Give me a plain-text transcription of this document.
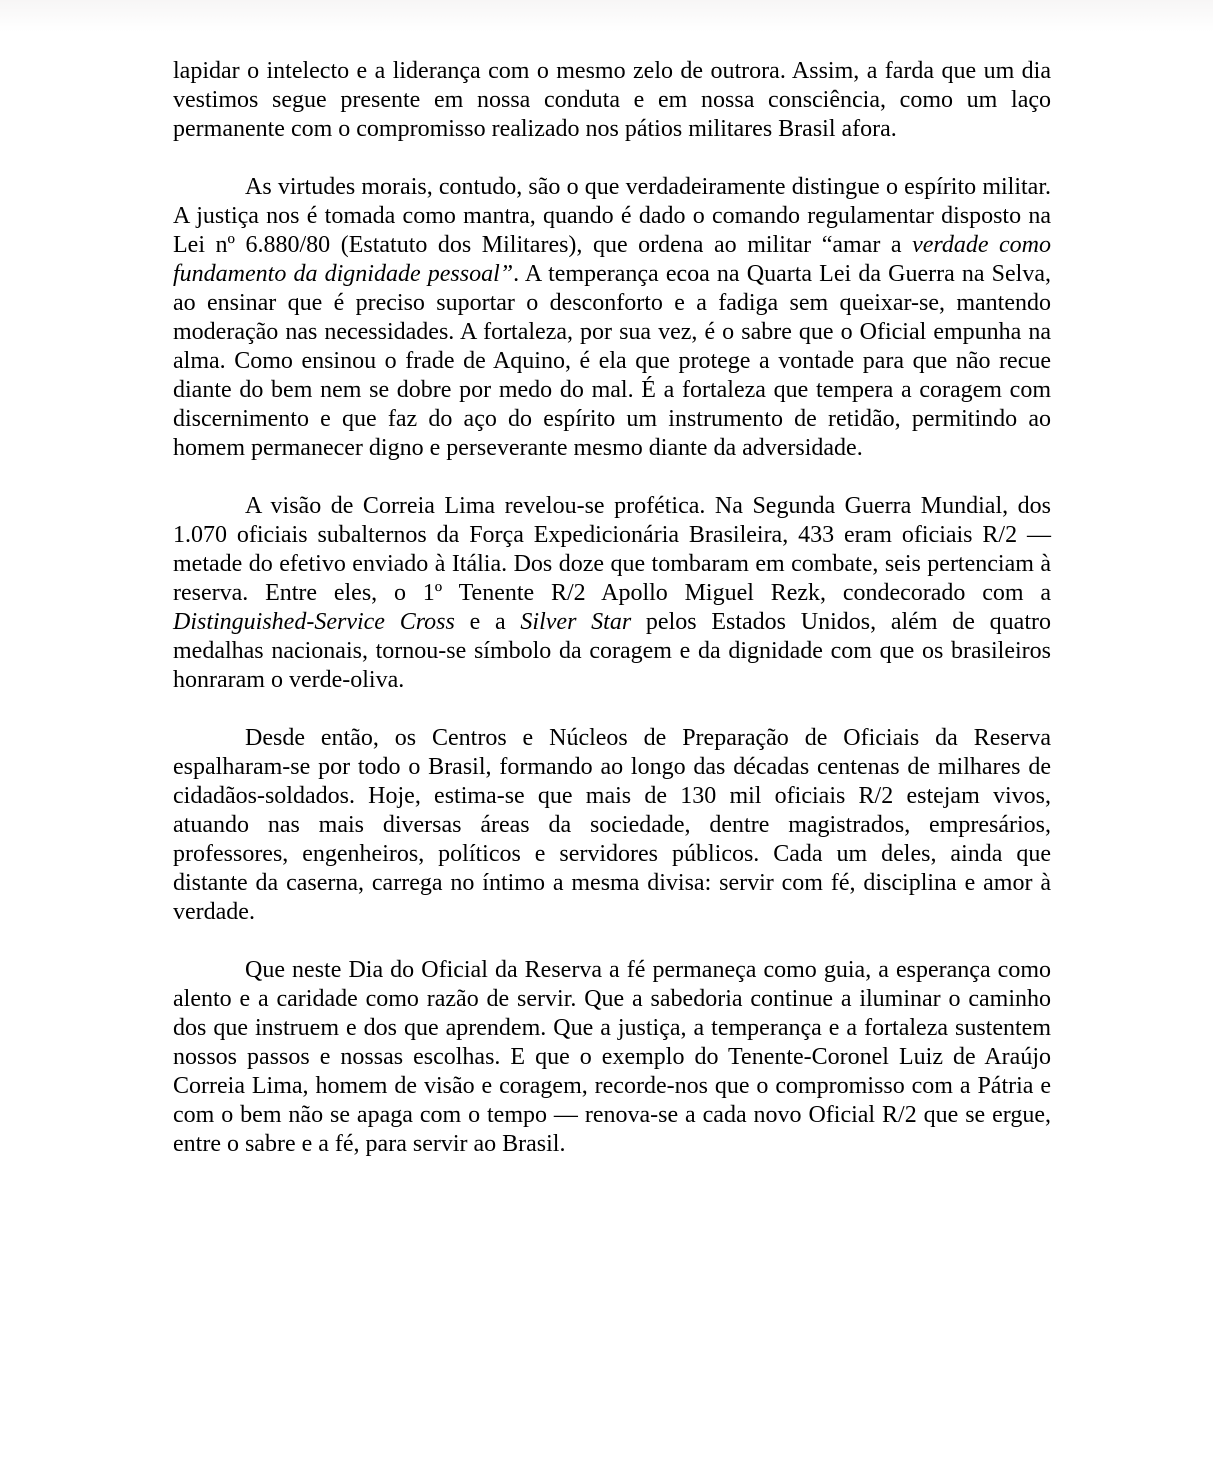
lapidar o intelecto e a liderança com o mesmo zelo de outrora. Assim, a farda que um dia vestimos segue presente em nossa conduta e em nossa consciência, como um laço permanente com o compromisso realizado nos pátios militares Brasil afora.

As virtudes morais, contudo, são o que verdadeiramente distingue o espírito militar. A justiça nos é tomada como mantra, quando é dado o comando regulamentar disposto na Lei nº 6.880/80 (Estatuto dos Militares), que ordena ao militar “amar a verdade como fundamento da dignidade pessoal”. A temperança ecoa na Quarta Lei da Guerra na Selva, ao ensinar que é preciso suportar o desconforto e a fadiga sem queixar-se, mantendo moderação nas necessidades. A fortaleza, por sua vez, é o sabre que o Oficial empunha na alma. Como ensinou o frade de Aquino, é ela que protege a vontade para que não recue diante do bem nem se dobre por medo do mal. É a fortaleza que tempera a coragem com discernimento e que faz do aço do espírito um instrumento de retidão, permitindo ao homem permanecer digno e perseverante mesmo diante da adversidade.

A visão de Correia Lima revelou-se profética. Na Segunda Guerra Mundial, dos 1.070 oficiais subalternos da Força Expedicionária Brasileira, 433 eram oficiais R/2 — metade do efetivo enviado à Itália. Dos doze que tombaram em combate, seis pertenciam à reserva. Entre eles, o 1º Tenente R/2 Apollo Miguel Rezk, condecorado com a Distinguished-Service Cross e a Silver Star pelos Estados Unidos, além de quatro medalhas nacionais, tornou-se símbolo da coragem e da dignidade com que os brasileiros honraram o verde-oliva.

Desde então, os Centros e Núcleos de Preparação de Oficiais da Reserva espalharam-se por todo o Brasil, formando ao longo das décadas centenas de milhares de cidadãos-soldados. Hoje, estima-se que mais de 130 mil oficiais R/2 estejam vivos, atuando nas mais diversas áreas da sociedade, dentre magistrados, empresários, professores, engenheiros, políticos e servidores públicos. Cada um deles, ainda que distante da caserna, carrega no íntimo a mesma divisa: servir com fé, disciplina e amor à verdade.

Que neste Dia do Oficial da Reserva a fé permaneça como guia, a esperança como alento e a caridade como razão de servir. Que a sabedoria continue a iluminar o caminho dos que instruem e dos que aprendem. Que a justiça, a temperança e a fortaleza sustentem nossos passos e nossas escolhas. E que o exemplo do Tenente-Coronel Luiz de Araújo Correia Lima, homem de visão e coragem, recorde-nos que o compromisso com a Pátria e com o bem não se apaga com o tempo — renova-se a cada novo Oficial R/2 que se ergue, entre o sabre e a fé, para servir ao Brasil.
